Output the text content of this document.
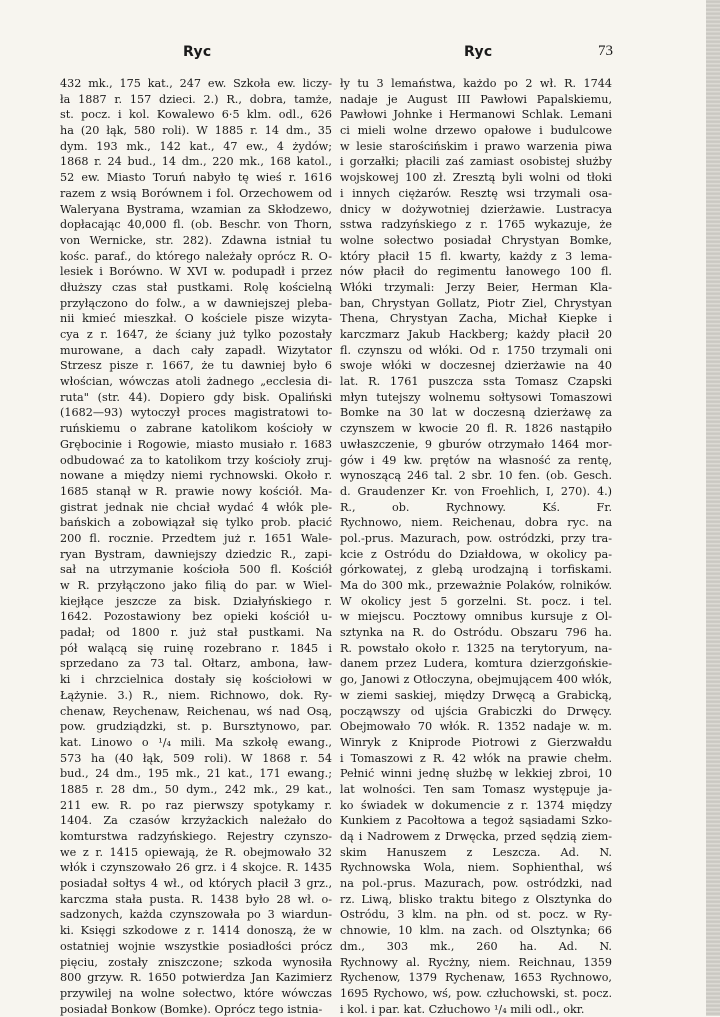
Ryc	Ryc	73
432 mk., 175 kat., 247 ew. Szkoła ew. liczy-
ła 1887 r. 157 dzieci. 2.) R., dobra, tamże,
st. pocz. i kol. Kowalewo 6·5 klm. odl., 626
ha (20 łąk, 580 roli). W 1885 r. 14 dm., 35
dym. 193 mk., 142 kat., 47 ew., 4 żydów;
1868 r. 24 bud., 14 dm., 220 mk., 168 katol.,
52 ew. Miasto Toruń nabyło tę wieś r. 1616
razem z wsią Borównem i fol. Orzechowem od
Waleryana Bystrama, wzamian za Skłodzewo,
dopłacając 40,000 fl. (ob. Beschr. von Thorn,
von Wernicke, str. 282). Zdawna istniał tu
kośc. paraf., do którego należały oprócz R. O-
lesiek i Borówno. W XVI w. podupadł i przez
dłuższy czas stał pustkami. Rolę kościelną
przyłączono do folw., a w dawniejszej plebа-
nii kmieć mieszkał. O kościele pisze wizyta-
cya z r. 1647, że ściany już tylko pozostały
murowane, a dach cały zapadł. Wizytator
Strzesz pisze r. 1667, że tu dawniej było 6
włościan, wówczas atoli żadnego „ecclesia di-
ruta" (str. 44). Dopiero gdy bisk. Opaliński
(1682—93) wytoczył proces magistratowi to-
ruńskiemu o zabrane katolikom kościoły w
Grębocinie i Rogowie, miasto musiało r. 1683
odbudować za to katolikom trzy kościoły zruj-
nowane a między niemi rychnowski. Około r.
1685 stanął w R. prawie nowy kościół. Ma-
gistrat jednak nie chciał wydać 4 włók ple-
bańskich a zobowiązał się tylko prob. płacić
200 fl. rocznie. Przedtem już r. 1651 Wale-
ryan Bystram, dawniejszy dziedzic R., zapi-
sał na utrzymanie kościoła 500 fl. Kościół
w R. przyłączono jako filią do par. w Wiel-
kiejłące jeszcze za bisk. Działyńskiego r.
1642. Pozostawiony bez opieki kościół u-
padał; od 1800 r. już stał pustkami. Na
pół walącą się ruinę rozebrano r. 1845 i
sprzedano za 73 tal. Ołtarz, ambona, ław-
ki i chrzcielnica dostały się kościołowi w
Łążynie. 3.) R., niem. Richnowo, dok. Ry-
chenaw, Reychenaw, Reichenau, wś nad Osą,
pow. grudziądzki, st. p. Bursztynowo, par.
kat. Linowo o ¹/₄ mili. Ma szkołę ewang.,
573 ha (40 łąk, 509 roli). W 1868 r. 54
bud., 24 dm., 195 mk., 21 kat., 171 ewang.;
1885 r. 28 dm., 50 dym., 242 mk., 29 kat.,
211 ew. R. po raz pierwszy spotykamy r.
1404. Za czasów krzyżackich należało do
komturstwa radzyńskiego. Rejestry czynszo-
we z r. 1415 opiewają, że R. obejmowało 32
włók i czynszowało 26 grz. i 4 skojce. R. 1435
posiadał sołtys 4 wł., od których płacił 3 grz.,
karczma stała pusta. R. 1438 było 28 wł. o-
sadzonych, każda czynszowała po 3 wiardun-
ki. Księgi szkodowe z r. 1414 donoszą, że w
ostatniej wojnie wszystkie posiadłości prócz
pięciu, zostały zniszczone; szkoda wynosiła
800 grzyw. R. 1650 potwierdza Jan Kazimierz
przywilej na wolne sołectwo, które wówczas
posiadał Bonkow (Bomke). Oprócz tego istnia-
ły tu 3 lemaństwa, każdo po 2 wł. R. 1744
nadaje je August III Pawłowi Papalskiemu,
Pawłowi Johnke i Hermanowi Schlak. Lemani
ci mieli wolne drzewo opałowe i budulcowe
w lesie starościńskim i prawo warzenia piwa
i gorzałki; płacili zaś zamiast osobistej służby
wojskowej 100 zł. Zresztą byli wolni od tłoki
i innych ciężarów. Resztę wsi trzymali osa-
dnicy w dożywotniej dzierżawie. Lustracya
sstwa radzyńskiego z r. 1765 wykazuje, że
wolne sołectwo posiadał Chrystyan Bomke,
który płacił 15 fl. kwarty, każdy z 3 lema-
nów płacił do regimentu łanowego 100 fl.
Włóki trzymali: Jerzy Beier, Herman Kla-
ban, Chrystyan Gollatz, Piotr Ziel, Chrystyan
Thena, Chrystyan Zacha, Michał Kiepke i
karczmarz Jakub Hackberg; każdy płacił 20
fl. czynszu od włóki. Od r. 1750 trzymali oni
swoje włóki w doczesnej dzierżawie na 40
lat. R. 1761 puszcza ssta Tomasz Czapski
młyn tutejszy wolnemu sołtysowi Tomaszowi
Bomke na 30 lat w doczesną dzierżawę za
czynszem w kwocie 20 fl. R. 1826 nastąpiło
uwłaszczenie, 9 gburów otrzymało 1464 mor-
gów i 49 kw. prętów na własność za rentę,
wynoszącą 246 tal. 2 sbr. 10 fen. (ob. Gesch.
d. Graudenzer Kr. von Froehlich, I, 270). 4.)
R., ob. Rychnowy. Kś. Fr.
Rychnowo, niem. Reichenau, dobra ryc. na
pol.-prus. Mazurach, pow. ostródzki, przy tra-
kcie z Ostródu do Działdowa, w okolicy pa-
górkowatej, z glebą urodzajną i torfiskami.
Ma do 300 mk., przeważnie Polaków, rolników.
W okolicy jest 5 gorzelni. St. pocz. i tel.
w miejscu. Pocztowy omnibus kursuje z Ol-
sztynka na R. do Ostródu. Obszaru 796 ha.
R. powstało około r. 1325 na terytoryum, na-
danem przez Ludera, komtura dzierzgońskie-
go, Janowi z Otłoczyna, obejmującem 400 włók,
w ziemi saskiej, między Drwęcą a Grabicką,
począwszy od ujścia Grabiczki do Drwęcy.
Obejmowało 70 włók. R. 1352 nadaje w. m.
Winryk z Kniprode Piotrowi z Gierzwałdu
i Tomaszowi z R. 42 włók na prawie chełm.
Pełnić winni jednę służbę w lekkiej zbroi, 10
lat wolności. Ten sam Tomasz występuje ja-
ko świadek w dokumencie z r. 1374 między
Kunkiem z Pacołtowa a tegoż sąsiadami Szko-
dą i Nadrowem z Drwęcka, przed sędzią ziem-
skim Hanuszem z Leszcza. Ad. N.
Rychnowska Wola, niem. Sophienthal, wś
na pol.-prus. Mazurach, pow. ostródzki, nad
rz. Liwą, blisko traktu bitego z Olsztynka do
Ostródu, 3 klm. na płn. od st. pocz. w Ry-
chnowie, 10 klm. na zach. od Olsztynka; 66
dm., 303 mk., 260 ha. Ad. N.
Rychnowy al. Rycżny, niem. Reichnau, 1359
Rychenow, 1379 Rychenaw, 1653 Rychnowo,
1695 Rychowo, wś, pow. człuchowski, st. pocz.
i kol. i par. kat. Człuchowo ¹/₄ mili odl., okr.
